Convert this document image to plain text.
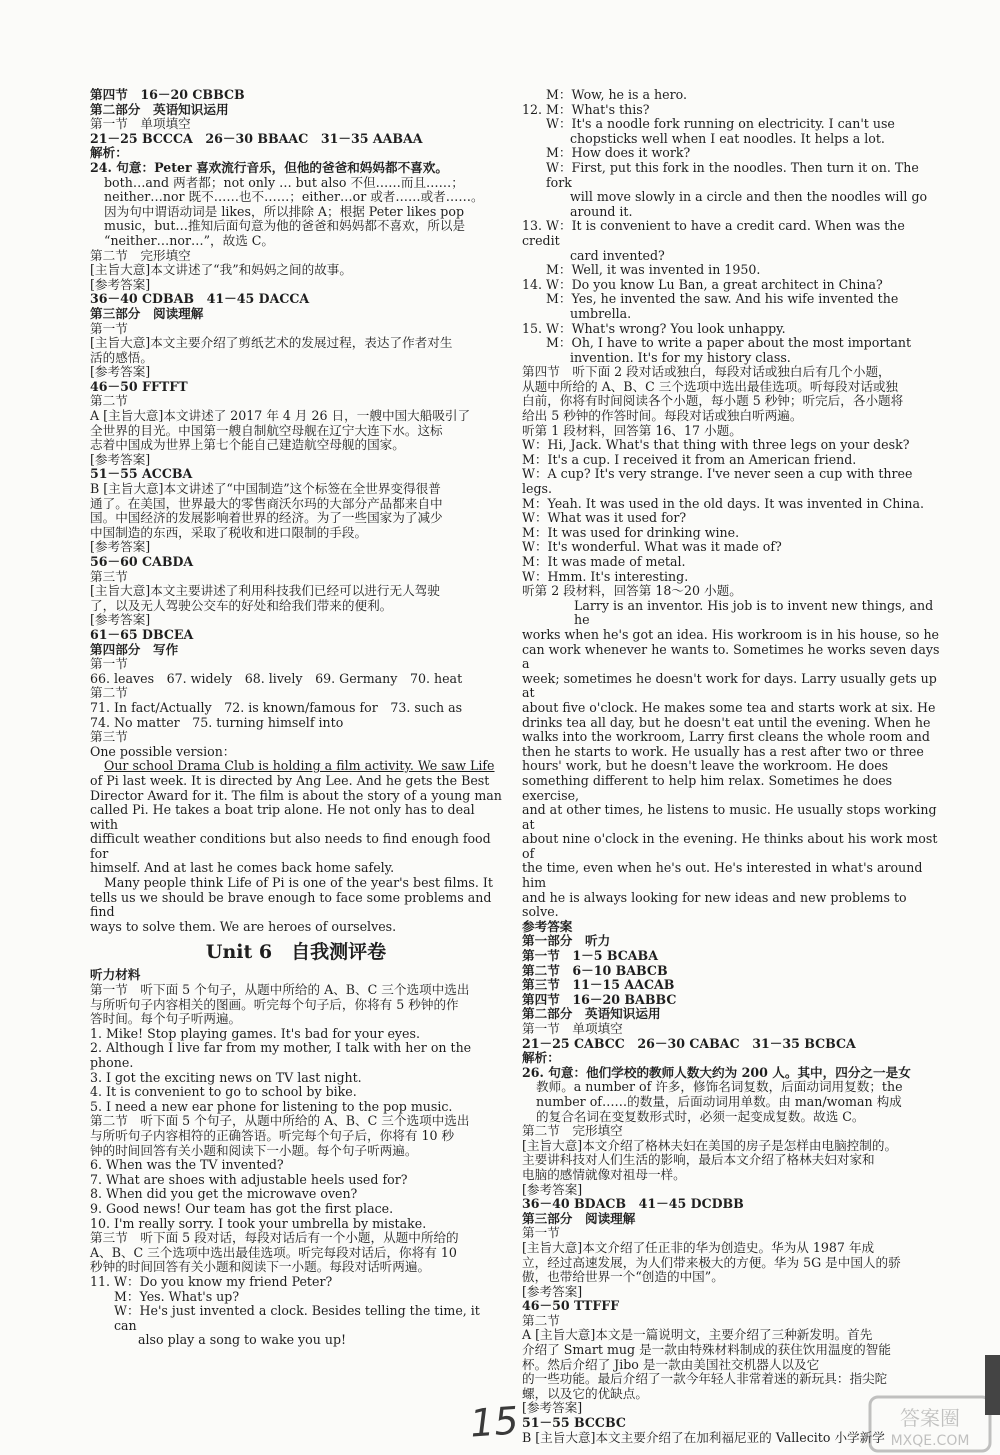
第四节　16－20 CBBCB
第二部分　英语知识运用
第一节　单项填空
21－25 BCCCA　26－30 BBAAC　31－35 AABAA
解析：
24. 句意：Peter 喜欢流行音乐，但他的爸爸和妈妈都不喜欢。
both…and 两者都；not only … but also 不但……而且……；
neither…nor 既不……也不……；either…or 或者……或者……。
因为句中谓语动词是 likes，所以排除 A；根据 Peter likes pop
music，but…推知后面句意为他的爸爸和妈妈都不喜欢，所以是
“neither…nor…”，故选 C。
第二节　完形填空
[主旨大意]本文讲述了“我”和妈妈之间的故事。
[参考答案]
36－40 CDBAB　41－45 DACCA
第三部分　阅读理解
第一节
[主旨大意]本文主要介绍了剪纸艺术的发展过程，表达了作者对生
活的感悟。
[参考答案]
46－50 FFTFT
第二节
A [主旨大意]本文讲述了 2017 年 4 月 26 日，一艘中国大船吸引了
全世界的目光。中国第一艘自制航空母舰在辽宁大连下水。这标
志着中国成为世界上第七个能自己建造航空母舰的国家。
[参考答案]
51－55 ACCBA
B [主旨大意]本文讲述了“中国制造”这个标签在全世界变得很普
通了。在美国，世界最大的零售商沃尔玛的大部分产品都来自中
国。中国经济的发展影响着世界的经济。为了一些国家为了减少
中国制造的东西，采取了税收和进口限制的手段。
[参考答案]
56－60 CABDA
第三节
[主旨大意]本文主要讲述了利用科技我们已经可以进行无人驾驶
了，以及无人驾驶公交车的好处和给我们带来的便利。
[参考答案]
61－65 DBCEA
第四部分　写作
第一节
66. leaves　67. widely　68. lively　69. Germany　70. heat
第二节
71. In fact/Actually　72. is known/famous for　73. such as
74. No matter　75. turning himself into
第三节
One possible version：
Our school Drama Club is holding a film activity. We saw Life
of Pi last week. It is directed by Ang Lee. And he gets the Best
Director Award for it. The film is about the story of a young man
called Pi. He takes a boat trip alone. He not only has to deal with
difficult weather conditions but also needs to find enough food for
himself. And at last he comes back home safely.
Many people think Life of Pi is one of the year's best films. It
tells us we should be brave enough to face some problems and find
ways to solve them. We are heroes of ourselves.
Unit 6　自我测评卷
听力材料
第一节　听下面 5 个句子，从题中所给的 A、B、C 三个选项中选出
与所听句子内容相关的图画。听完每个句子后，你将有 5 秒钟的作
答时间。每个句子听两遍。
1. Mike! Stop playing games. It's bad for your eyes.
2. Although I live far from my mother, I talk with her on the phone.
3. I got the exciting news on TV last night.
4. It is convenient to go to school by bike.
5. I need a new ear phone for listening to the pop music.
第二节　听下面 5 个句子，从题中所给的 A、B、C 三个选项中选出
与所听句子内容相符的正确答语。听完每个句子后，你将有 10 秒
钟的时间回答有关小题和阅读下一小题。每个句子听两遍。
6. When was the TV invented?
7. What are shoes with adjustable heels used for?
8. When did you get the microwave oven?
9. Good news! Our team has got the first place.
10. I'm really sorry. I took your umbrella by mistake.
第三节　听下面 5 段对话，每段对话后有一个小题，从题中所给的
A、B、C 三个选项中选出最佳选项。听完每段对话后，你将有 10
秒钟的时间回答有关小题和阅读下一小题。每段对话听两遍。
11. W：Do you know my friend Peter?
M：Yes. What's up?
W：He's just invented a clock. Besides telling the time, it can
also play a song to wake you up!
M：Wow, he is a hero.
12. M：What's this?
W：It's a noodle fork running on electricity. I can't use
chopsticks well when I eat noodles. It helps a lot.
M：How does it work?
W：First, put this fork in the noodles. Then turn it on. The fork
will move slowly in a circle and then the noodles will go
around it.
13. W：It is convenient to have a credit card. When was the credit
card invented?
M：Well, it was invented in 1950.
14. W：Do you know Lu Ban, a great architect in China?
M：Yes, he invented the saw. And his wife invented the
umbrella.
15. W：What's wrong? You look unhappy.
M：Oh, I have to write a paper about the most important
invention. It's for my history class.
第四节　听下面 2 段对话或独白，每段对话或独白后有几个小题，
从题中所给的 A、B、C 三个选项中选出最佳选项。听每段对话或独
白前，你将有时间阅读各个小题，每小题 5 秒钟；听完后，各小题将
给出 5 秒钟的作答时间。每段对话或独白听两遍。
听第 1 段材料，回答第 16、17 小题。
W：Hi, Jack. What's that thing with three legs on your desk?
M：It's a cup. I received it from an American friend.
W：A cup? It's very strange. I've never seen a cup with three legs.
M：Yeah. It was used in the old days. It was invented in China.
W：What was it used for?
M：It was used for drinking wine.
W：It's wonderful. What was it made of?
M：It was made of metal.
W：Hmm. It's interesting.
听第 2 段材料，回答第 18～20 小题。
Larry is an inventor. His job is to invent new things, and he
works when he's got an idea. His workroom is in his house, so he
can work whenever he wants to. Sometimes he works seven days a
week; sometimes he doesn't work for days. Larry usually gets up at
about five o'clock. He makes some tea and starts work at six. He
drinks tea all day, but he doesn't eat until the evening. When he
walks into the workroom, Larry first cleans the whole room and
then he starts to work. He usually has a rest after two or three
hours' work, but he doesn't leave the workroom. He does
something different to help him relax. Sometimes he does exercise,
and at other times, he listens to music. He usually stops working at
about nine o'clock in the evening. He thinks about his work most of
the time, even when he's out. He's interested in what's around him
and he is always looking for new ideas and new problems to solve.
参考答案
第一部分　听力
第一节　1－5 BCABA
第二节　6－10 BABCB
第三节　11－15 AACAB
第四节　16－20 BABBC
第二部分　英语知识运用
第一节　单项填空
21－25 CABCC　26－30 CABAC　31－35 BCBCA
解析：
26. 句意：他们学校的教师人数大约为 200 人。其中，四分之一是女
教师。a number of 许多，修饰名词复数，后面动词用复数；the
number of……的数量，后面动词用单数。由 man/woman 构成
的复合名词在变复数形式时，必须一起变成复数。故选 C。
第二节　完形填空
[主旨大意]本文介绍了格林夫妇在美国的房子是怎样由电脑控制的。
主要讲科技对人们生活的影响，最后本文介绍了格林夫妇对家和
电脑的感情就像对祖母一样。
[参考答案]
36－40 BDACB　41－45 DCDBB
第三部分　阅读理解
第一节
[主旨大意]本文介绍了任正非的华为创造史。华为从 1987 年成
立，经过高速发展，为人们带来极大的方便。华为 5G 是中国人的骄
傲，也带给世界一个“创造的中国”。
[参考答案]
46－50 TTFFF
第二节
A [主旨大意]本文是一篇说明文，主要介绍了三种新发明。首先
介绍了 Smart mug 是一款由特殊材料制成的获住饮用温度的智能
杯。然后介绍了 Jibo 是一款由美国社交机器人以及它
的一些功能。最后介绍了一款今年轻人非常着迷的新玩具：指尖陀
螺，以及它的优缺点。
[参考答案]
51－55 BCCBC
B [主旨大意]本文主要介绍了在加利福尼亚的 Vallecito 小学新学
15	答案圈
MXQE.COM
